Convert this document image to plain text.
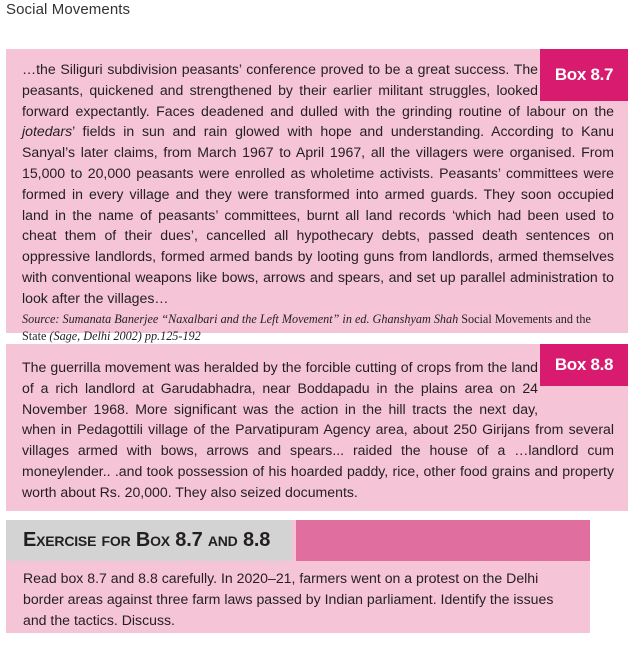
Social Movements
Box 8.7

…the Siliguri subdivision peasants’ conference proved to be a great success. The peasants, quickened and strengthened by their earlier militant struggles, looked forward expectantly. Faces deadened and dulled with the grinding routine of labour on the jotedars’ fields in sun and rain glowed with hope and understanding. According to Kanu Sanyal’s later claims, from March 1967 to April 1967, all the villagers were organised. From 15,000 to 20,000 peasants were enrolled as wholetime activists. Peasants’ committees were formed in every village and they were transformed into armed guards. They soon occupied land in the name of peasants’ committees, burnt all land records ‘which had been used to cheat them of their dues’, cancelled all hypothecary debts, passed death sentences on oppressive landlords, formed armed bands by looting guns from landlords, armed themselves with conventional weapons like bows, arrows and spears, and set up parallel administration to look after the villages…

Source: Sumanata Banerjee “Naxalbari and the Left Movement” in ed. Ghanshyam Shah Social Movements and the State (Sage, Delhi 2002) pp.125-192

Box 8.8

The guerrilla movement was heralded by the forcible cutting of crops from the land of a rich landlord at Garudabhadra, near Boddapadu in the plains area on 24 November 1968. More significant was the action in the hill tracts the next day, when in Pedagottili village of the Parvatipuram Agency area, about 250 Girijans from several villages armed with bows, arrows and spears... raided the house of a …landlord cum moneylender.. .and took possession of his hoarded paddy, rice, other food grains and property worth about Rs. 20,000. They also seized documents.

Exercise for Box 8.7 and 8.8

Read box 8.7 and 8.8 carefully. In 2020–21, farmers went on a protest on the Delhi border areas against three farm laws passed by Indian parliament. Identify the issues and the tactics. Discuss.
